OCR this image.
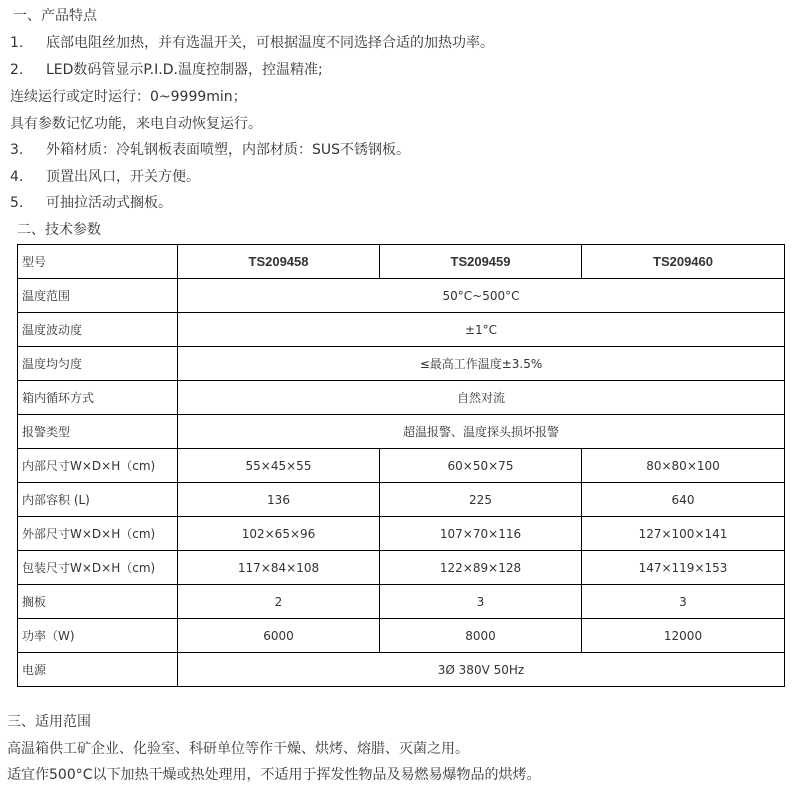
一、产品特点
1. 底部电阻丝加热，并有选温开关，可根据温度不同选择合适的加热功率。
2. LED数码管显示P.I.D.温度控制器，控温精准;
连续运行或定时运行：0~9999min；
具有参数记忆功能，来电自动恢复运行。
3. 外箱材质：冷轧钢板表面喷塑，内部材质：SUS不锈钢板。
4. 顶置出风口，开关方便。
5. 可抽拉活动式搁板。
二、技术参数
型号	TS209458	TS209459	TS209460
温度范围	50°C~500°C		
温度波动度	±1°C		
温度均匀度	≤最高工作温度±3.5%		
箱内循环方式	自然对流		
报警类型	超温报警、温度探头损坏报警		
内部尺寸W×D×H（cm)	55×45×55	60×50×75	80×80×100
内部容积 (L)	136	225	640
外部尺寸W×D×H（cm)	102×65×96	107×70×116	127×100×141
包装尺寸W×D×H（cm)	117×84×108	122×89×128	147×119×153
搁板	2	3	3
功率（W)	6000	8000	12000
电源	3Ø 380V 50Hz		
三、适用范围
高温箱供工矿企业、化验室、科研单位等作干燥、烘烤、熔腊、灭菌之用。
适宜作500°C以下加热干燥或热处理用，不适用于挥发性物品及易燃易爆物品的烘烤。
